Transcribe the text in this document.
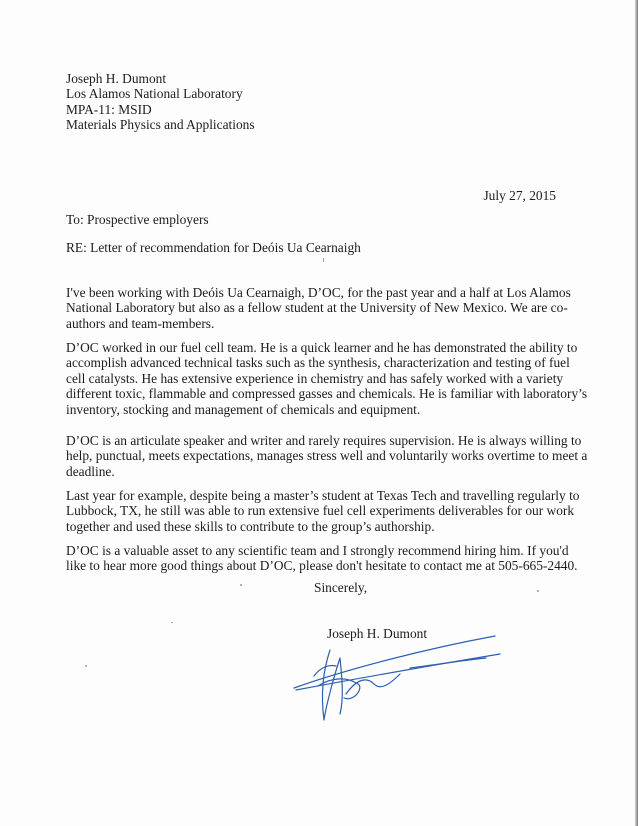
Joseph H. Dumont
Los Alamos National Laboratory
MPA-11: MSID
Materials Physics and Applications
July 27, 2015
To: Prospective employers
RE: Letter of recommendation for Deóis Ua Cearnaigh
I've been working with Deóis Ua Cearnaigh, D’OC, for the past year and a half at Los Alamos
National Laboratory but also as a fellow student at the University of New Mexico. We are co-
authors and team-members.
D’OC worked in our fuel cell team. He is a quick learner and he has demonstrated the ability to
accomplish advanced technical tasks such as the synthesis, characterization and testing of fuel
cell catalysts. He has extensive experience in chemistry and has safely worked with a variety
different toxic, flammable and compressed gasses and chemicals. He is familiar with laboratory’s
inventory, stocking and management of chemicals and equipment.
D’OC is an articulate speaker and writer and rarely requires supervision. He is always willing to
help, punctual, meets expectations, manages stress well and voluntarily works overtime to meet a
deadline.
Last year for example, despite being a master’s student at Texas Tech and travelling regularly to
Lubbock, TX, he still was able to run extensive fuel cell experiments deliverables for our work
together and used these skills to contribute to the group’s authorship.
D’OC is a valuable asset to any scientific team and I strongly recommend hiring him. If you'd
like to hear more good things about D’OC, please don't hesitate to contact me at 505-665-2440.
Sincerely,
Joseph H. Dumont
